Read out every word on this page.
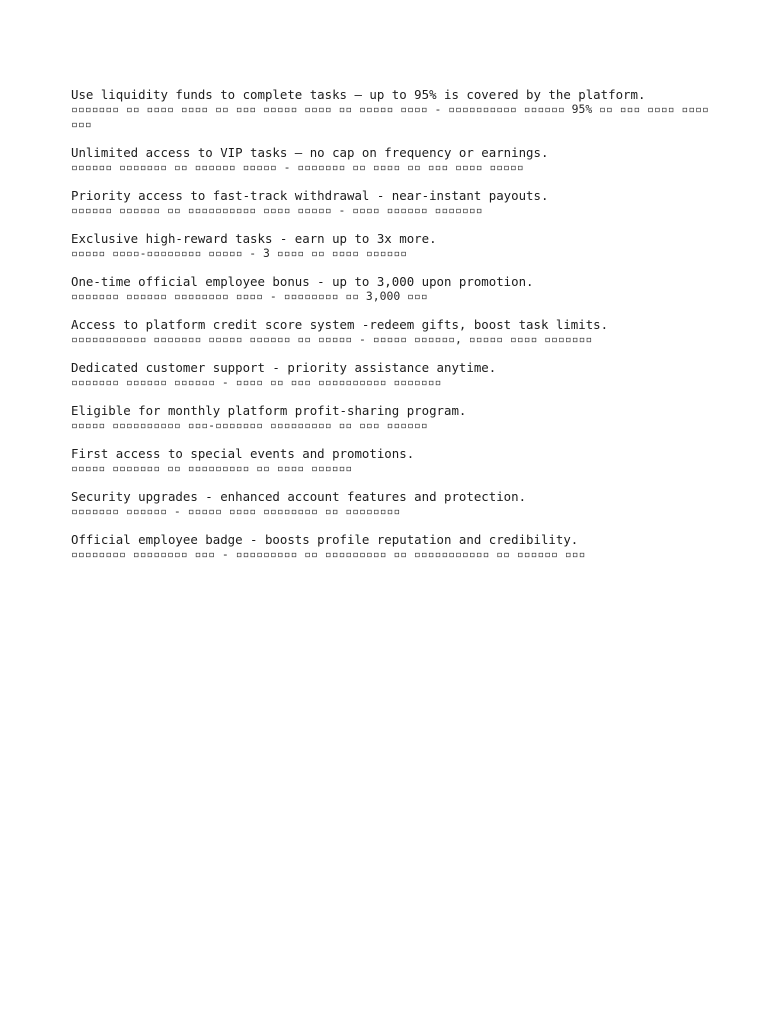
Use liquidity funds to complete tasks – up to 95% is covered by the platform.
▫▫▫▫▫▫▫ ▫▫ ▫▫▫▫ ▫▫▫▫ ▫▫ ▫▫▫ ▫▫▫▫▫ ▫▫▫▫ ▫▫ ▫▫▫▫▫ ▫▫▫▫ - ▫▫▫▫▫▫▫▫▫▫ ▫▫▫▫▫▫ 95% ▫▫ ▫▫▫ ▫▫▫▫ ▫▫▫▫ ▫▫▫
Unlimited access to VIP tasks — no cap on frequency or earnings.
▫▫▫▫▫▫ ▫▫▫▫▫▫▫ ▫▫ ▫▫▫▫▫▫ ▫▫▫▫▫ - ▫▫▫▫▫▫▫ ▫▫ ▫▫▫▫ ▫▫ ▫▫▫ ▫▫▫▫ ▫▫▫▫▫
Priority access to fast-track withdrawal - near-instant payouts.
▫▫▫▫▫▫ ▫▫▫▫▫▫ ▫▫ ▫▫▫▫▫▫▫▫▫▫ ▫▫▫▫ ▫▫▫▫▫ - ▫▫▫▫ ▫▫▫▫▫▫ ▫▫▫▫▫▫▫
Exclusive high-reward tasks - earn up to 3x more.
▫▫▫▫▫ ▫▫▫▫-▫▫▫▫▫▫▫▫ ▫▫▫▫▫ - 3 ▫▫▫▫ ▫▫ ▫▫▫▫ ▫▫▫▫▫▫
One-time official employee bonus - up to 3,000 upon promotion.
▫▫▫▫▫▫▫ ▫▫▫▫▫▫ ▫▫▫▫▫▫▫▫ ▫▫▫▫ - ▫▫▫▫▫▫▫▫ ▫▫ 3,000 ▫▫▫
Access to platform credit score system -redeem gifts, boost task limits.
▫▫▫▫▫▫▫▫▫▫▫ ▫▫▫▫▫▫▫ ▫▫▫▫▫ ▫▫▫▫▫▫ ▫▫ ▫▫▫▫▫ - ▫▫▫▫▫ ▫▫▫▫▫▫, ▫▫▫▫▫ ▫▫▫▫ ▫▫▫▫▫▫▫
Dedicated customer support - priority assistance anytime.
▫▫▫▫▫▫▫ ▫▫▫▫▫▫ ▫▫▫▫▫▫ - ▫▫▫▫ ▫▫ ▫▫▫ ▫▫▫▫▫▫▫▫▫▫ ▫▫▫▫▫▫▫
Eligible for monthly platform profit-sharing program.
▫▫▫▫▫ ▫▫▫▫▫▫▫▫▫▫ ▫▫▫-▫▫▫▫▫▫▫ ▫▫▫▫▫▫▫▫▫ ▫▫ ▫▫▫ ▫▫▫▫▫▫
First access to special events and promotions.
▫▫▫▫▫ ▫▫▫▫▫▫▫ ▫▫ ▫▫▫▫▫▫▫▫▫ ▫▫ ▫▫▫▫ ▫▫▫▫▫▫
Security upgrades - enhanced account features and protection.
▫▫▫▫▫▫▫ ▫▫▫▫▫▫ - ▫▫▫▫▫ ▫▫▫▫ ▫▫▫▫▫▫▫▫ ▫▫ ▫▫▫▫▫▫▫▫
Official employee badge - boosts profile reputation and credibility.
▫▫▫▫▫▫▫▫ ▫▫▫▫▫▫▫▫ ▫▫▫ - ▫▫▫▫▫▫▫▫▫ ▫▫ ▫▫▫▫▫▫▫▫▫ ▫▫ ▫▫▫▫▫▫▫▫▫▫▫ ▫▫ ▫▫▫▫▫▫ ▫▫▫
